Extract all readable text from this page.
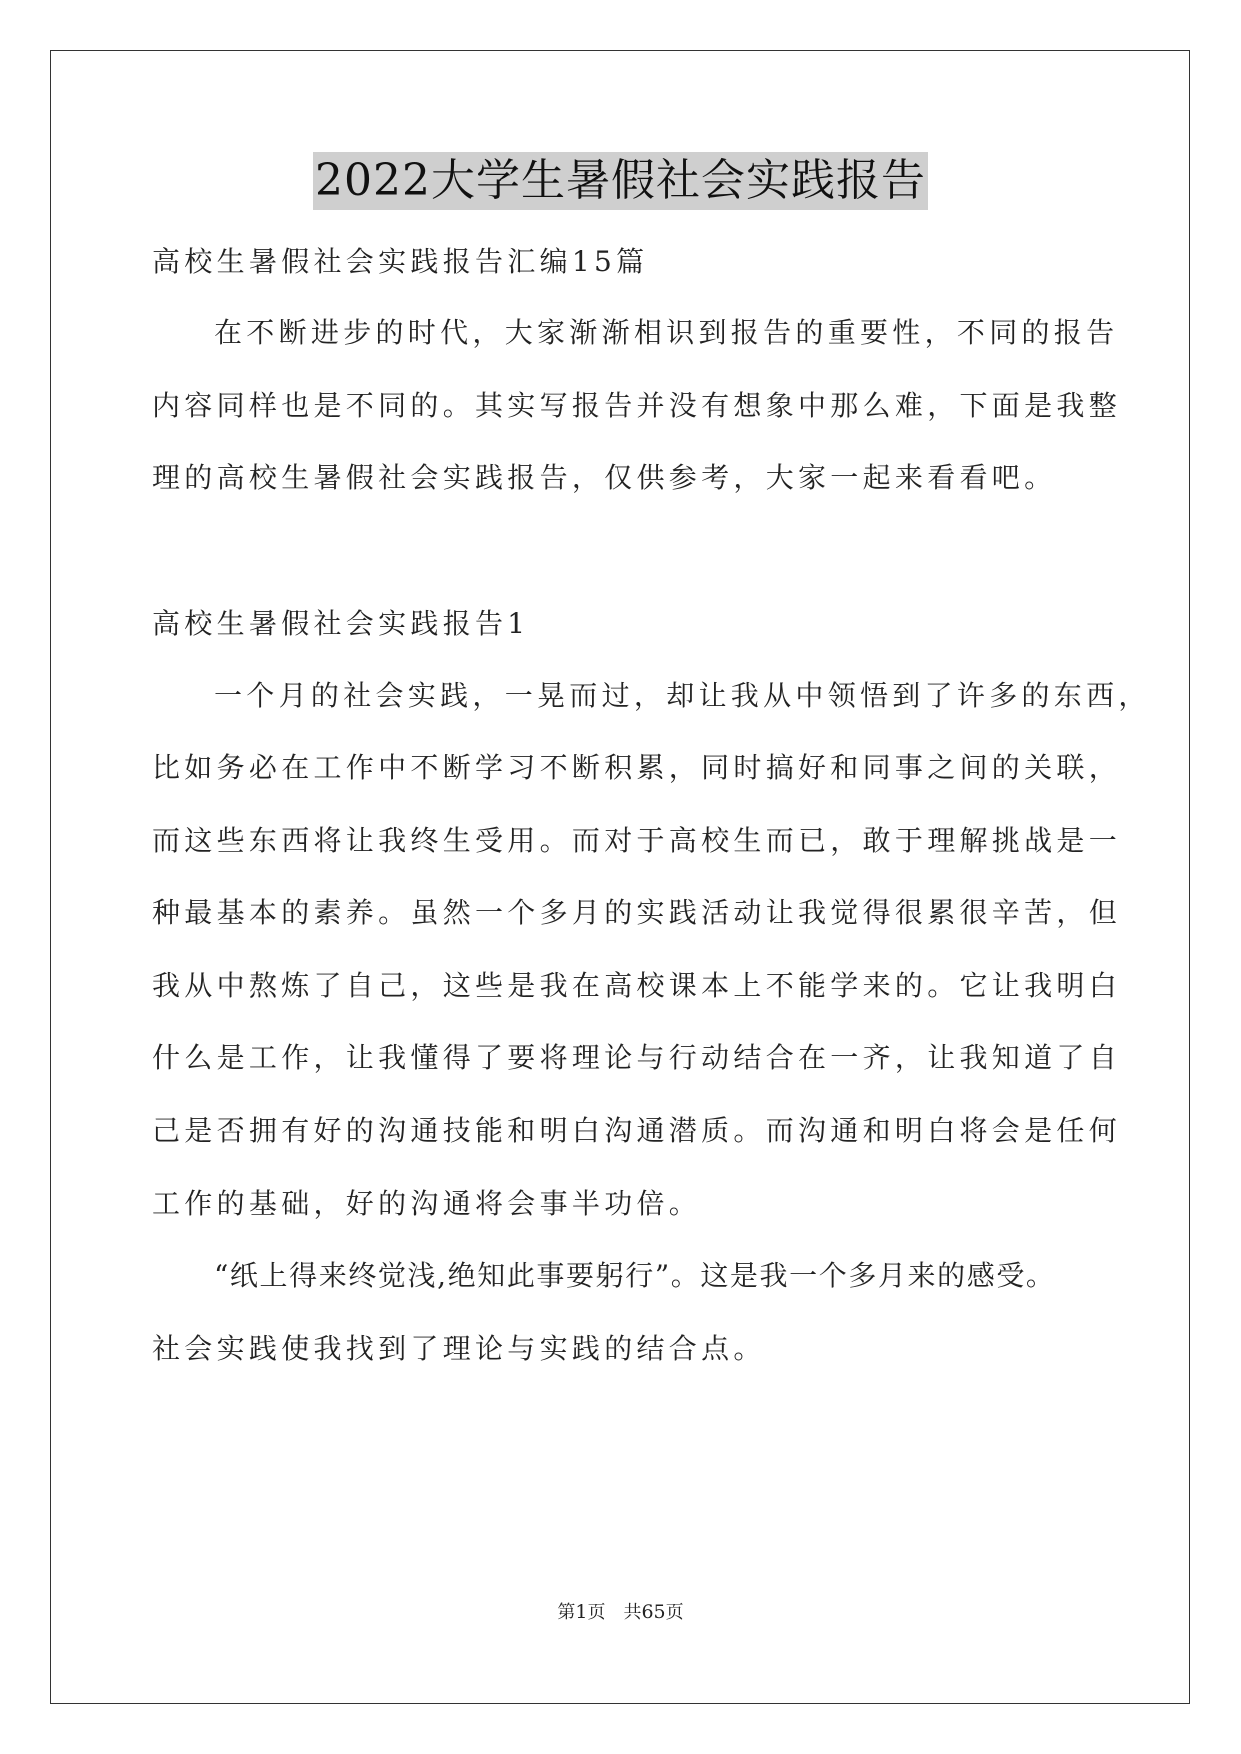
2022大学生暑假社会实践报告
高校生暑假社会实践报告汇编15篇
在不断进步的时代，大家渐渐相识到报告的重要性，不同的报告
内容同样也是不同的。其实写报告并没有想象中那么难，下面是我整
理的高校生暑假社会实践报告，仅供参考，大家一起来看看吧。
高校生暑假社会实践报告1
一个月的社会实践，一晃而过，却让我从中领悟到了许多的东西，
比如务必在工作中不断学习不断积累，同时搞好和同事之间的关联，
而这些东西将让我终生受用。而对于高校生而已，敢于理解挑战是一
种最基本的素养。虽然一个多月的实践活动让我觉得很累很辛苦，但
我从中熬炼了自己，这些是我在高校课本上不能学来的。它让我明白
什么是工作，让我懂得了要将理论与行动结合在一齐，让我知道了自
己是否拥有好的沟通技能和明白沟通潜质。而沟通和明白将会是任何
工作的基础，好的沟通将会事半功倍。
“纸上得来终觉浅,绝知此事要躬行”。这是我一个多月来的感受。
社会实践使我找到了理论与实践的结合点。
第1页 共65页
